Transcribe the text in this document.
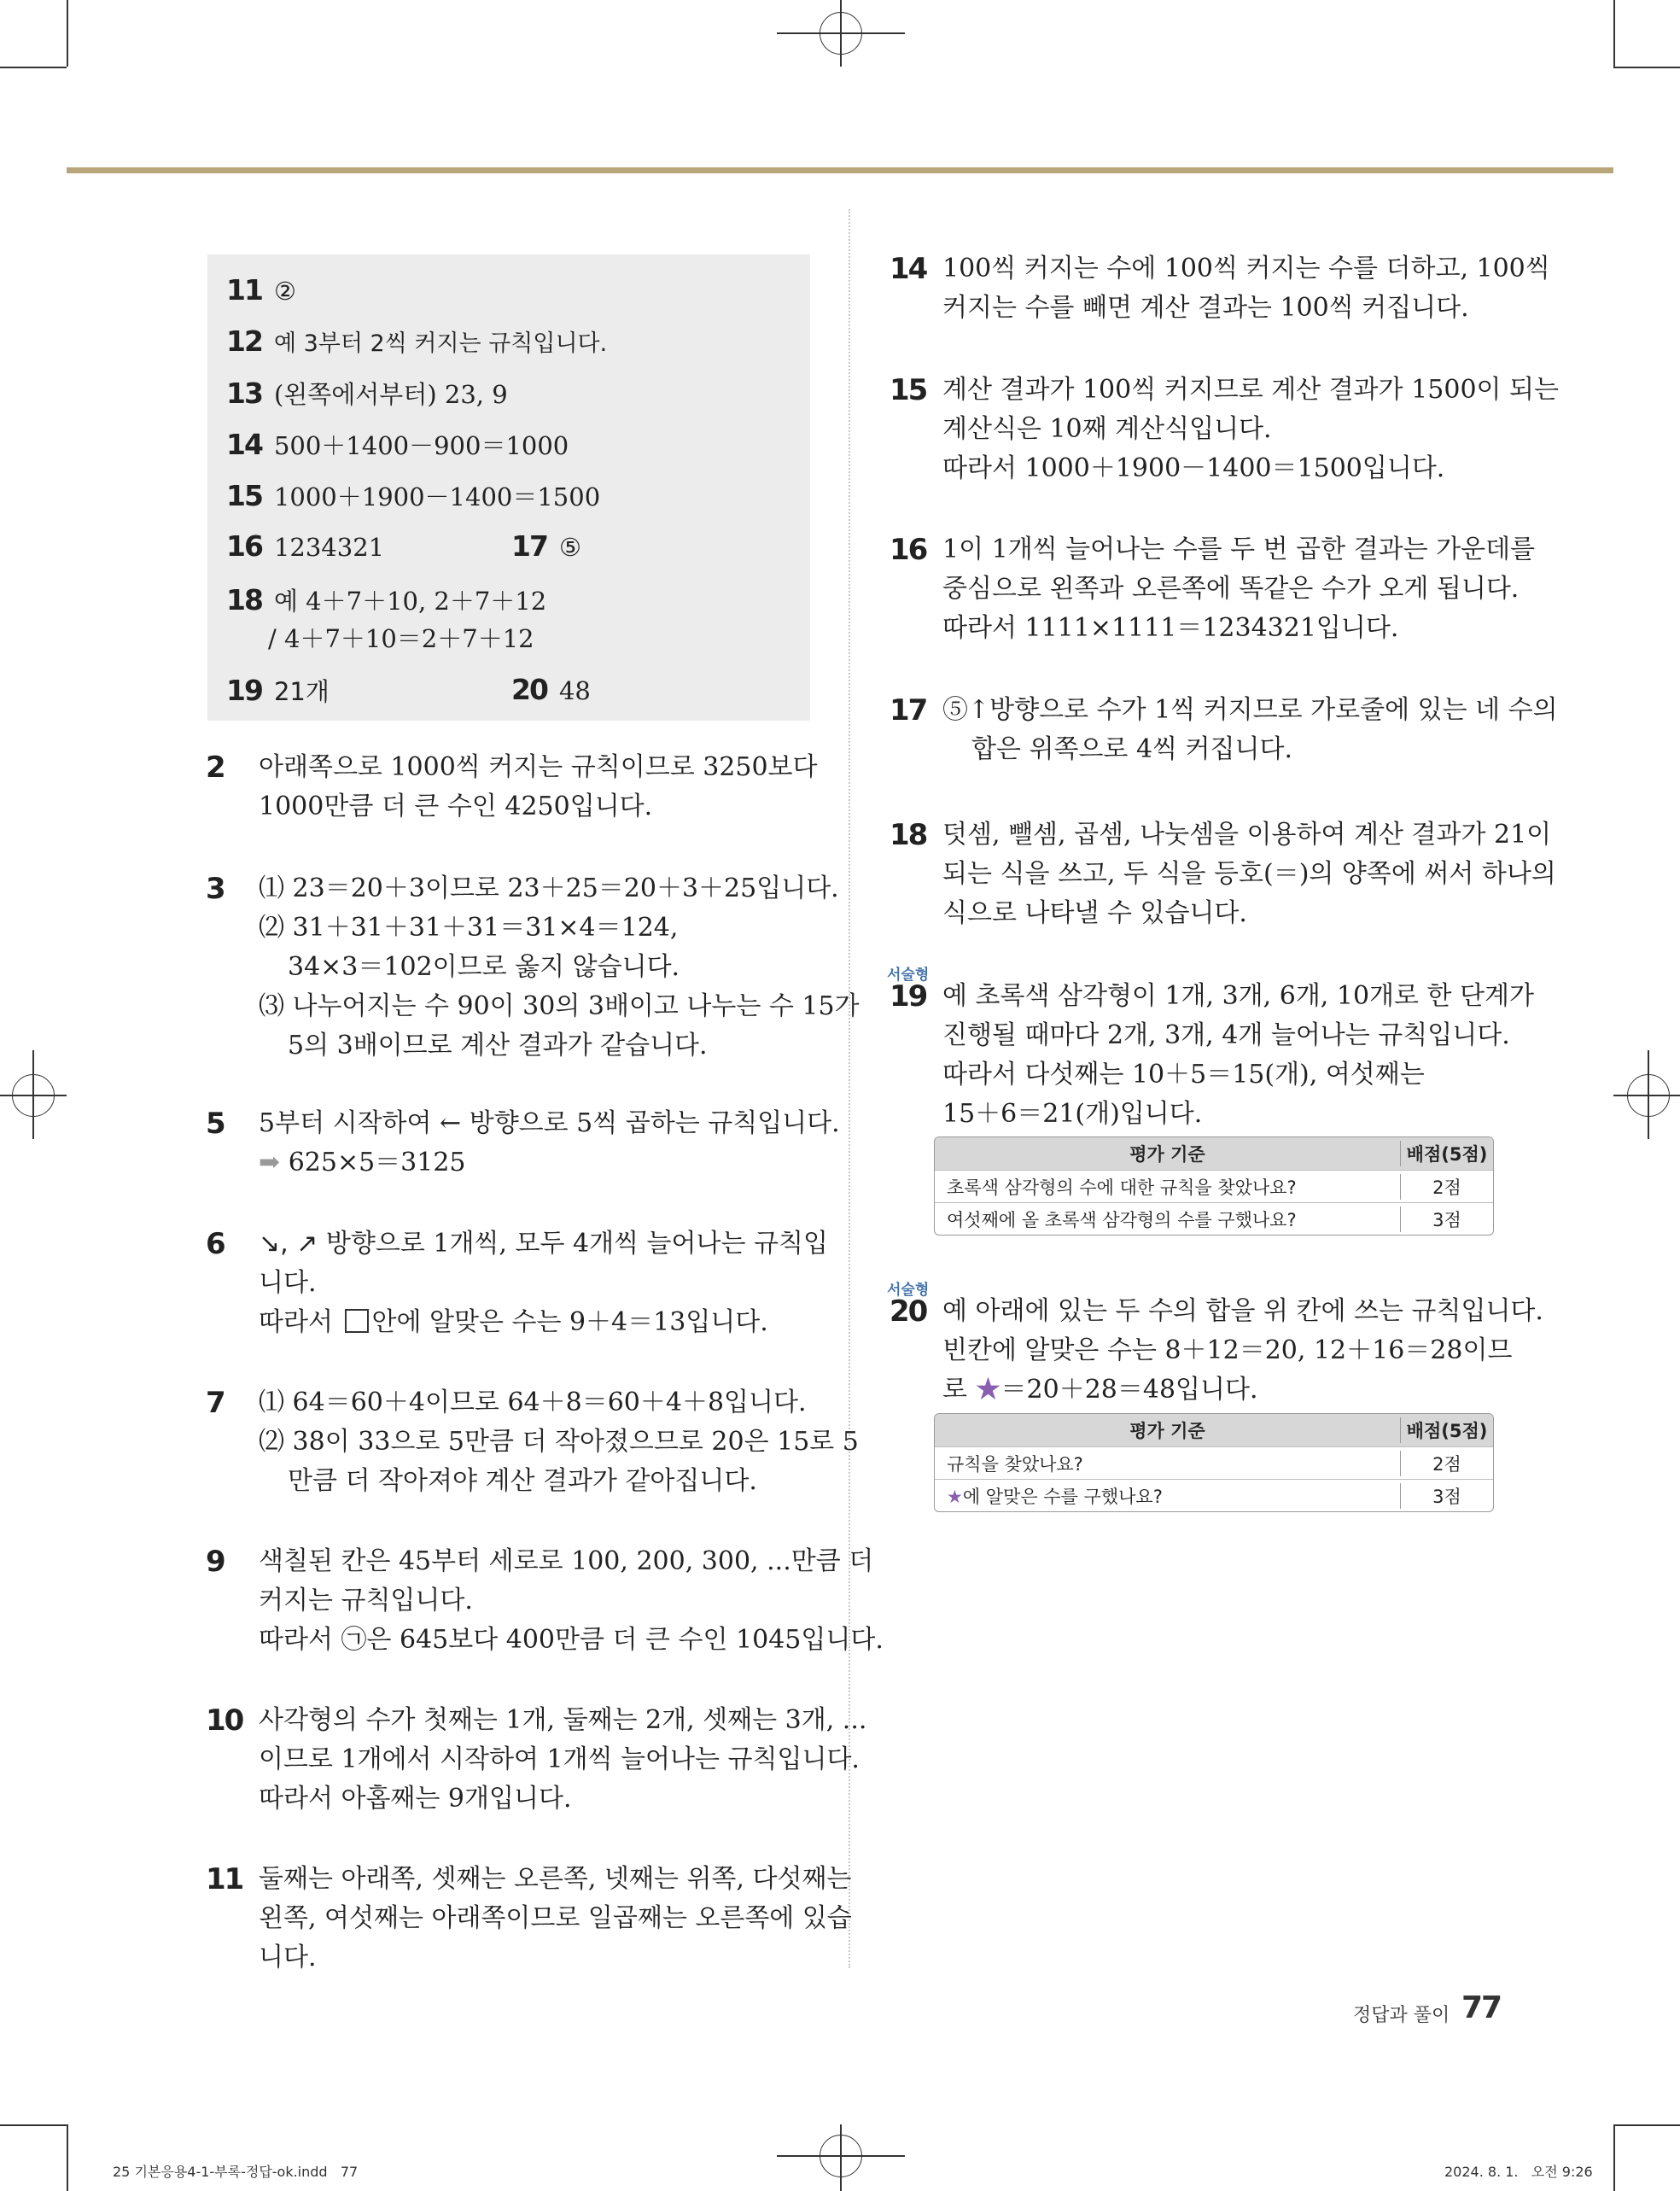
11 ②
12 예 3부터 2씩 커지는 규칙입니다.
13 (왼쪽에서부터) 23, 9
14 500＋1400－900＝1000
15 1000＋1900－1400＝1500
16 1234321	17 ⑤
18 예 4＋7＋10, 2＋7＋12
/ 4＋7＋10＝2＋7＋12
19 21개	20 48
2 아래쪽으로 1000씩 커지는 규칙이므로 3250보다
1000만큼 더 큰 수인 4250입니다.
3 ⑴ 23＝20＋3이므로 23＋25＝20＋3＋25입니다.
⑵ 31＋31＋31＋31＝31×4＝124,
34×3＝102이므로 옳지 않습니다.
⑶ 나누어지는 수 90이 30의 3배이고 나누는 수 15가
5의 3배이므로 계산 결과가 같습니다.
5 5부터 시작하여 ← 방향으로 5씩 곱하는 규칙입니다.
➡ 625×5＝3125
6 ↘, ↗ 방향으로 1개씩, 모두 4개씩 늘어나는 규칙입
니다.
따라서 안에 알맞은 수는 9＋4＝13입니다.
7 ⑴ 64＝60＋4이므로 64＋8＝60＋4＋8입니다.
⑵ 38이 33으로 5만큼 더 작아졌으므로 20은 15로 5
만큼 더 작아져야 계산 결과가 같아집니다.
9 색칠된 칸은 45부터 세로로 100, 200, 300, ...만큼 더
커지는 규칙입니다.
따라서 ㉠은 645보다 400만큼 더 큰 수인 1045입니다.
10 사각형의 수가 첫째는 1개, 둘째는 2개, 셋째는 3개, ...
이므로 1개에서 시작하여 1개씩 늘어나는 규칙입니다.
따라서 아홉째는 9개입니다.
11 둘째는 아래쪽, 셋째는 오른쪽, 넷째는 위쪽, 다섯째는
왼쪽, 여섯째는 아래쪽이므로 일곱째는 오른쪽에 있습
니다.
14 100씩 커지는 수에 100씩 커지는 수를 더하고, 100씩
커지는 수를 빼면 계산 결과는 100씩 커집니다.
15 계산 결과가 100씩 커지므로 계산 결과가 1500이 되는
계산식은 10째 계산식입니다.
따라서 1000＋1900－1400＝1500입니다.
16 1이 1개씩 늘어나는 수를 두 번 곱한 결과는 가운데를
중심으로 왼쪽과 오른쪽에 똑같은 수가 오게 됩니다.
따라서 1111×1111＝1234321입니다.
17 ⑤↑방향으로 수가 1씩 커지므로 가로줄에 있는 네 수의
합은 위쪽으로 4씩 커집니다.
18 덧셈, 뺄셈, 곱셈, 나눗셈을 이용하여 계산 결과가 21이
되는 식을 쓰고, 두 식을 등호(＝)의 양쪽에 써서 하나의
식으로 나타낼 수 있습니다.
서술형
19 예 초록색 삼각형이 1개, 3개, 6개, 10개로 한 단계가
진행될 때마다 2개, 3개, 4개 늘어나는 규칙입니다.
따라서 다섯째는 10＋5＝15(개), 여섯째는
15＋6＝21(개)입니다.
평가 기준	배점(5점)
초록색 삼각형의 수에 대한 규칙을 찾았나요?	2점
여섯째에 올 초록색 삼각형의 수를 구했나요?	3점
서술형
20 예 아래에 있는 두 수의 합을 위 칸에 쓰는 규칙입니다.
빈칸에 알맞은 수는 8＋12＝20, 12＋16＝28이므
로 ★＝20＋28＝48입니다.
평가 기준	배점(5점)
규칙을 찾았나요?	2점
★에 알맞은 수를 구했나요?	3점
정답과 풀이 77
25 기본응용4-1-부록-정답-ok.indd   77	2024. 8. 1.   오전 9:26
